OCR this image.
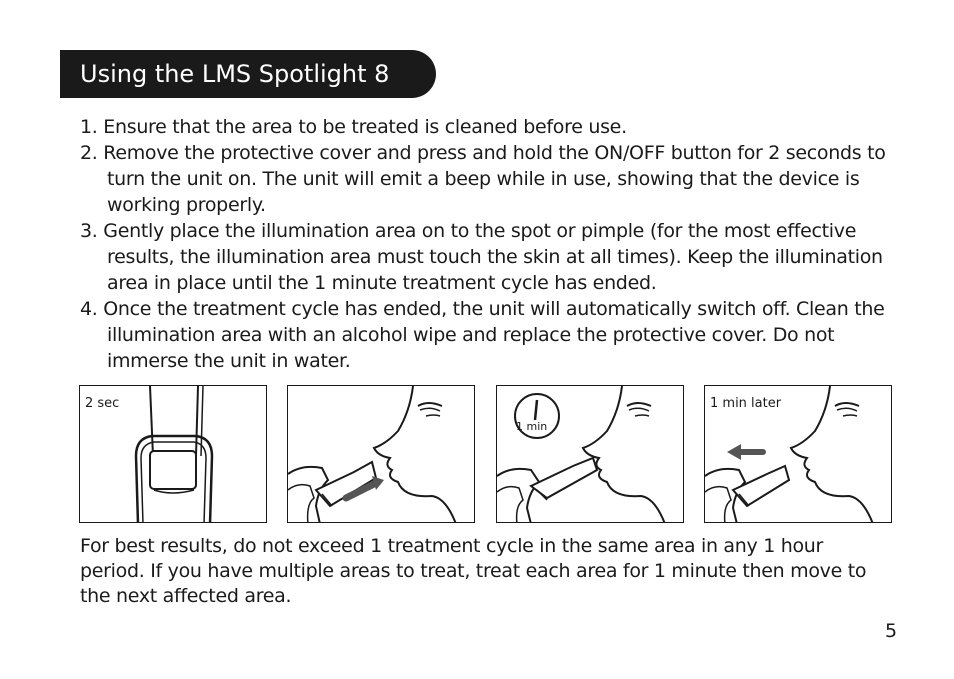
Using the LMS Spotlight 8
1. Ensure that the area to be treated is cleaned before use.
2. Remove the protective cover and press and hold the ON/OFF button for 2 seconds to turn the unit on. The unit will emit a beep while in use, showing that the device is working properly.
3. Gently place the illumination area on to the spot or pimple (for the most effective results, the illumination area must touch the skin at all times). Keep the illumination area in place until the 1 minute treatment cycle has ended.
4. Once the treatment cycle has ended, the unit will automatically switch off. Clean the illumination area with an alcohol wipe and replace the protective cover. Do not immerse the unit in water.
2 sec
1 min
1 min later

For best results, do not exceed 1 treatment cycle in the same area in any 1 hour period. If you have multiple areas to treat, treat each area for 1 minute then move to the next affected area.

5
